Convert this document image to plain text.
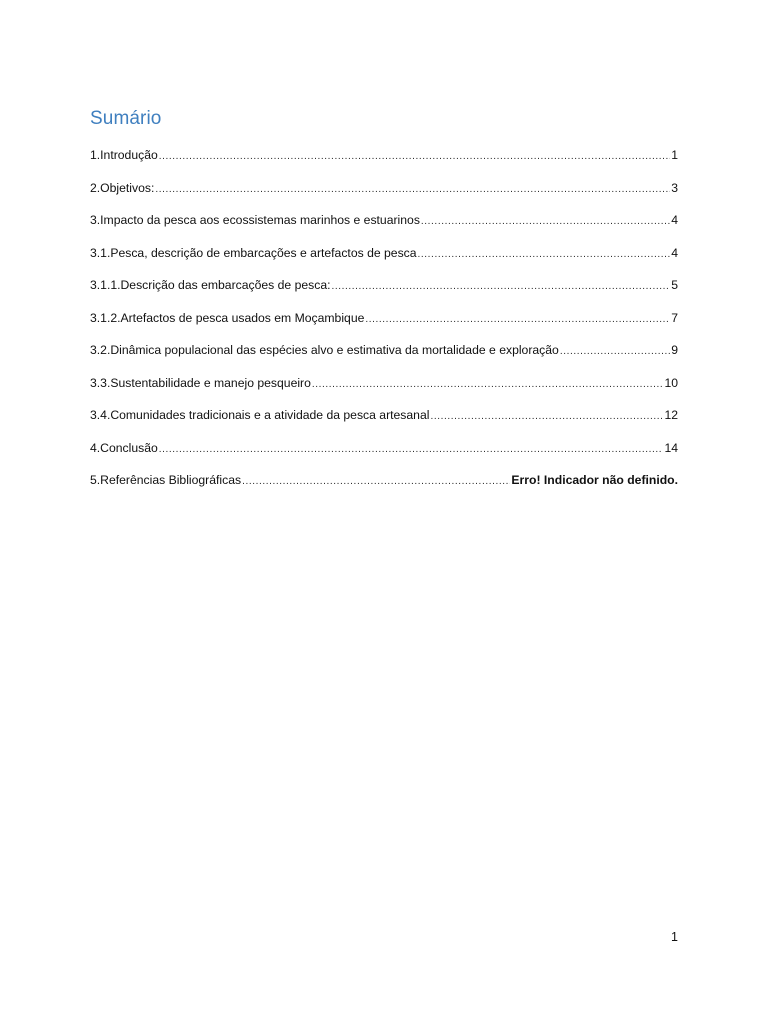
Sumário
1.Introdução .....	1
2.Objetivos: .....	3
3.Impacto da pesca aos ecossistemas marinhos e estuarinos .....	4
3.1.Pesca, descrição de embarcações e artefactos de pesca .....	4
3.1.1.Descrição das embarcações de pesca: .....	5
3.1.2.Artefactos de pesca usados em Moçambique .....	7
3.2.Dinâmica populacional das espécies alvo e estimativa da mortalidade e exploração .....	9
3.3.Sustentabilidade e manejo pesqueiro .....	10
3.4.Comunidades tradicionais e a atividade da pesca artesanal .....	12
4.Conclusão .....	14
5.Referências Bibliográficas .....	Erro! Indicador não definido.
1
